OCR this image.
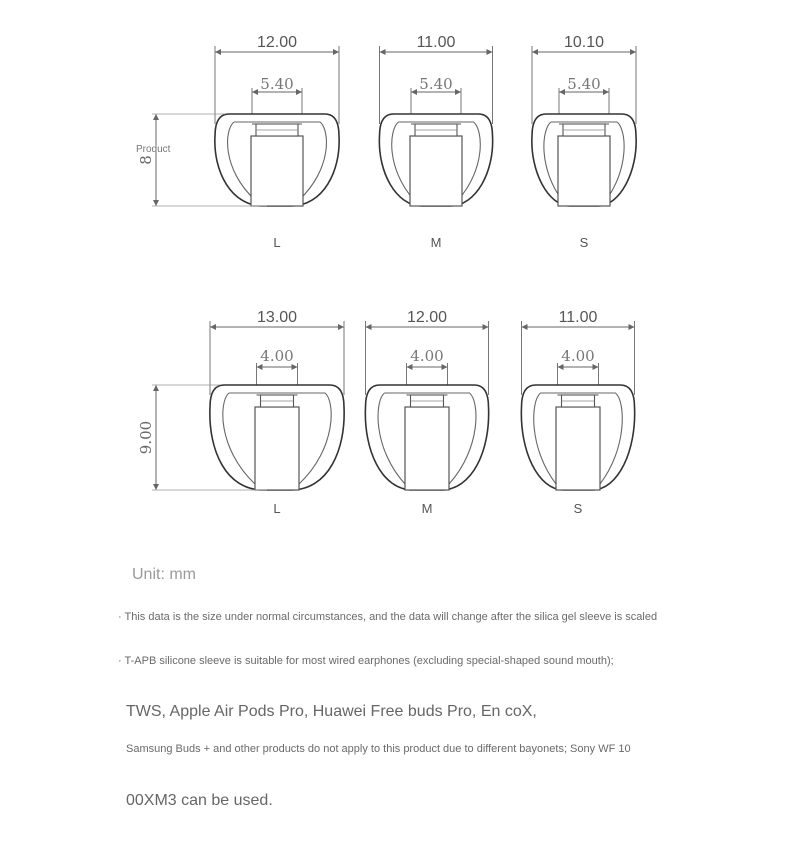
12.00
5.40
L
11.00
5.40
M
10.10
5.40
S
8
13.00
4.00
L
12.00
4.00
M
11.00
4.00
S
9.00
Product
Unit: mm
· This data is the size under normal circumstances, and the data will change after the silica gel sleeve is scaled
· T-APB silicone sleeve is suitable for most wired earphones (excluding special-shaped sound mouth);
TWS, Apple Air Pods Pro, Huawei Free buds Pro, En coX,
Samsung Buds + and other products do not apply to this product due to different bayonets; Sony WF 10
00XM3 can be used.
